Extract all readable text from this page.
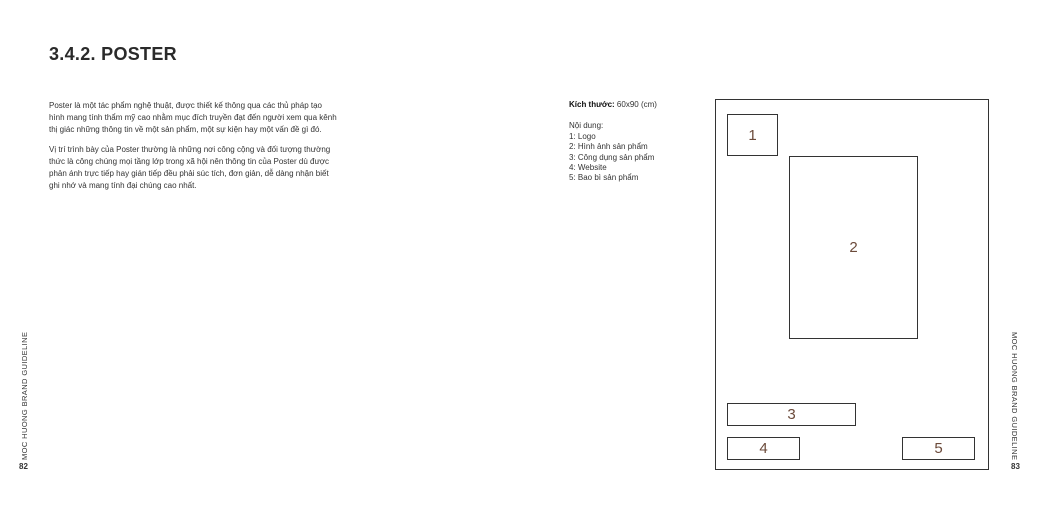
3.4.2. POSTER

Poster là một tác phẩm nghệ thuật, được thiết kế thông qua các thủ pháp tạo hình mang tính thẩm mỹ cao nhằm mục đích truyền đạt đến người xem qua kênh thị giác những thông tin về một sản phẩm, một sự kiện hay một vấn đề gì đó.

Vị trí trình bày của Poster thường là những nơi công cộng và đối tượng thường thức là công chúng mọi tầng lớp trong xã hội nên thông tin của Poster dù được phản ánh trực tiếp hay gián tiếp đều phải súc tích, đơn giản, dễ dàng nhận biết ghi nhớ và mang tính đại chúng cao nhất.

Kích thước: 60x90 (cm)
Nội dung:
1: Logo
2: Hình ảnh sản phẩm
3: Công dụng sản phẩm
4: Website
5: Bao bì sản phẩm
1
2
3
4	5
MOC HUONG BRAND GUIDELINE	MOC HUONG BRAND GUIDELINE
82	83
